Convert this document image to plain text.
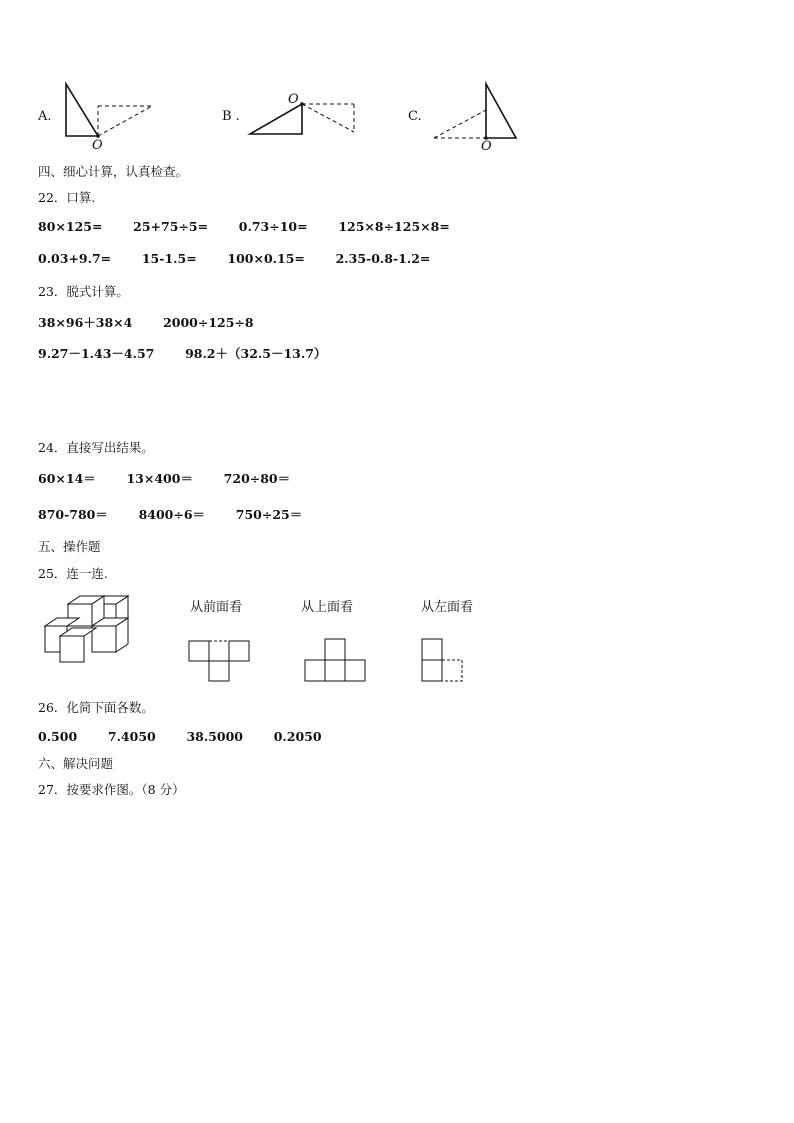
A.
O
B .
O
C.
O
四、细心计算，认真检查。
22．口算.
80×125= 25+75÷5= 0.73÷10= 125×8÷125×8=
0.03+9.7= 15-1.5= 100×0.15= 2.35-0.8-1.2=
23．脱式计算。
38×96＋38×4 2000÷125÷8
9.27－1.43－4.57 98.2＋（32.5－13.7）
24．直接写出结果。
60×14＝ 13×400＝ 720÷80＝
870-780＝ 8400÷6＝ 750÷25＝
五、操作题
25．连一连.
从前面看	从上面看	从左面看
26．化简下面各数。
0.500 7.4050 38.5000 0.2050
六、解决问题
27．按要求作图。（8 分）
